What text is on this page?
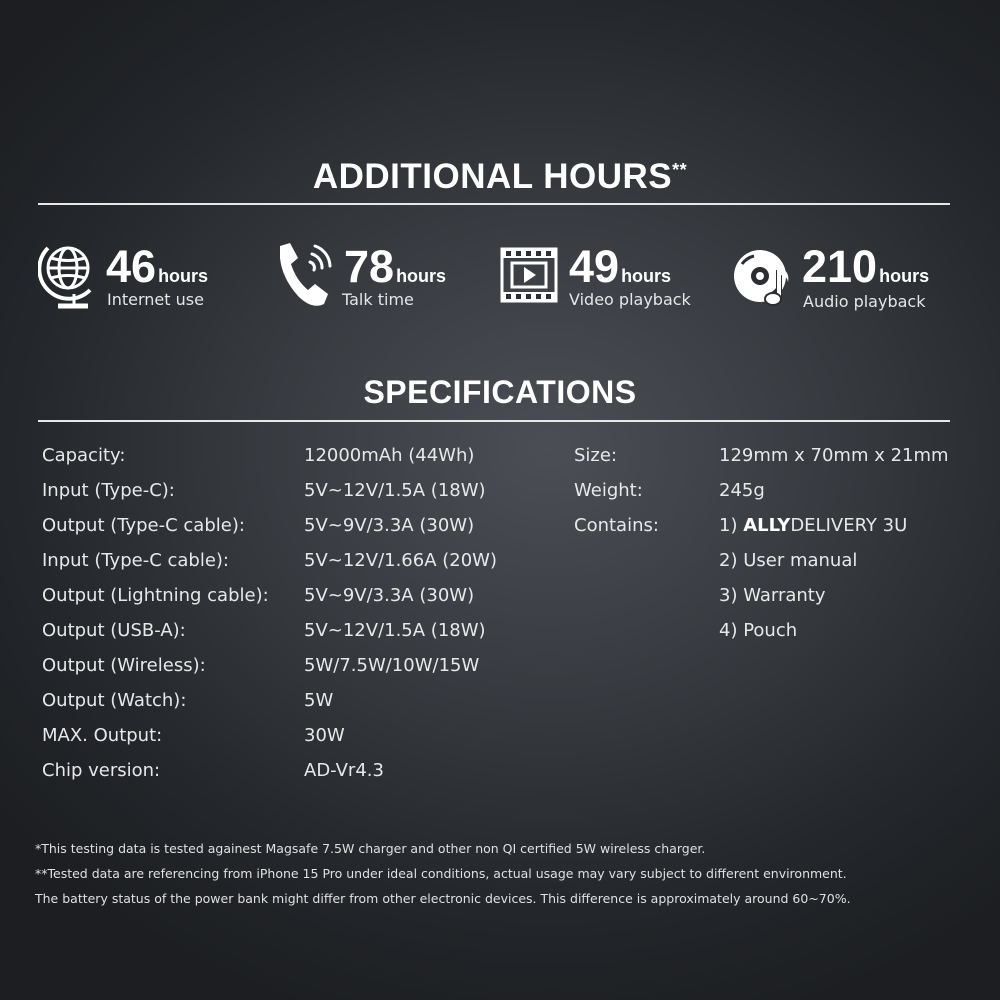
ADDITIONAL HOURS**
46 hours
Internet use
78 hours
Talk time
49 hours
Video playback
210 hours
Audio playback
SPECIFICATIONS
Capacity:	12000mAh (44Wh)
Input (Type-C):	5V~12V/1.5A (18W)
Output (Type-C cable):	5V~9V/3.3A (30W)
Input (Type-C cable):	5V~12V/1.66A (20W)
Output (Lightning cable):	5V~9V/3.3A (30W)
Output (USB-A):	5V~12V/1.5A (18W)
Output (Wireless):	5W/7.5W/10W/15W
Output (Watch):	5W
MAX. Output:	30W
Chip version:	AD-Vr4.3
Size:	129mm x 70mm x 21mm
Weight:	245g
Contains:	1) ALLYDELIVERY 3U
2) User manual
3) Warranty
4) Pouch
*This testing data is tested againest Magsafe 7.5W charger and other non QI certified 5W wireless charger.
**Tested data are referencing from iPhone 15 Pro under ideal conditions, actual usage may vary subject to different environment.
The battery status of the power bank might differ from other electronic devices. This difference is approximately around 60~70%.
